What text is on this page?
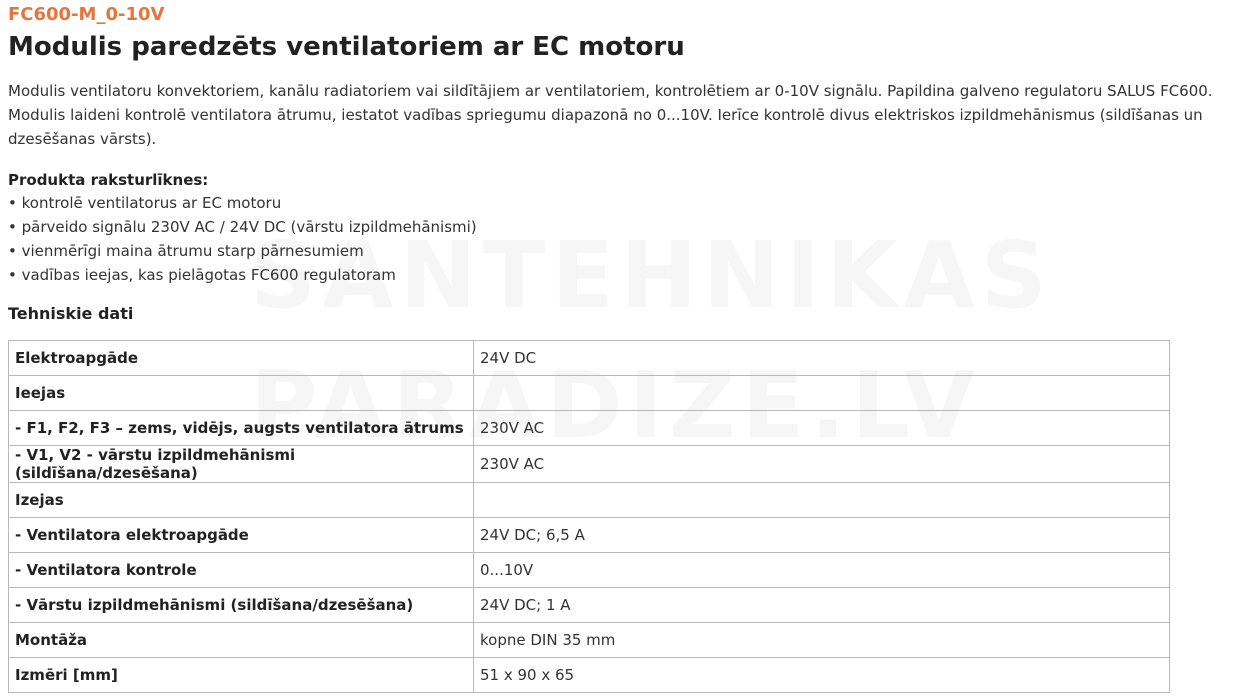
FC600-M_0-10V
Modulis paredzēts ventilatoriem ar EC motoru

Modulis ventilatoru konvektoriem, kanālu radiatoriem vai sildītājiem ar ventilatoriem, kontrolētiem ar 0-10V signālu. Papildina galveno regulatoru SALUS FC600. Modulis laideni kontrolē ventilatora ātrumu, iestatot vadības spriegumu diapazonā no 0...10V. Ierīce kontrolē divus elektriskos izpildmehānismus (sildīšanas un dzesēšanas vārsts).

Produkta raksturlīknes:

• kontrolē ventilatorus ar EC motoru
• pārveido signālu 230V AC / 24V DC (vārstu izpildmehānismi)
• vienmērīgi maina ātrumu starp pārnesumiem
• vadības ieejas, kas pielāgotas FC600 regulatoram
Tehniskie dati
Elektroapgāde	24V DC
Ieejas	
- F1, F2, F3 – zems, vidējs, augsts ventilatora ātrums	230V AC
- V1, V2 - vārstu izpildmehānismi (sildīšana/dzesēšana)	230V AC
Izejas	
- Ventilatora elektroapgāde	24V DC; 6,5 A
- Ventilatora kontrole	0...10V
- Vārstu izpildmehānismi (sildīšana/dzesēšana)	24V DC; 1 A
Montāža	kopne DIN 35 mm
Izmēri [mm]	51 x 90 x 65
